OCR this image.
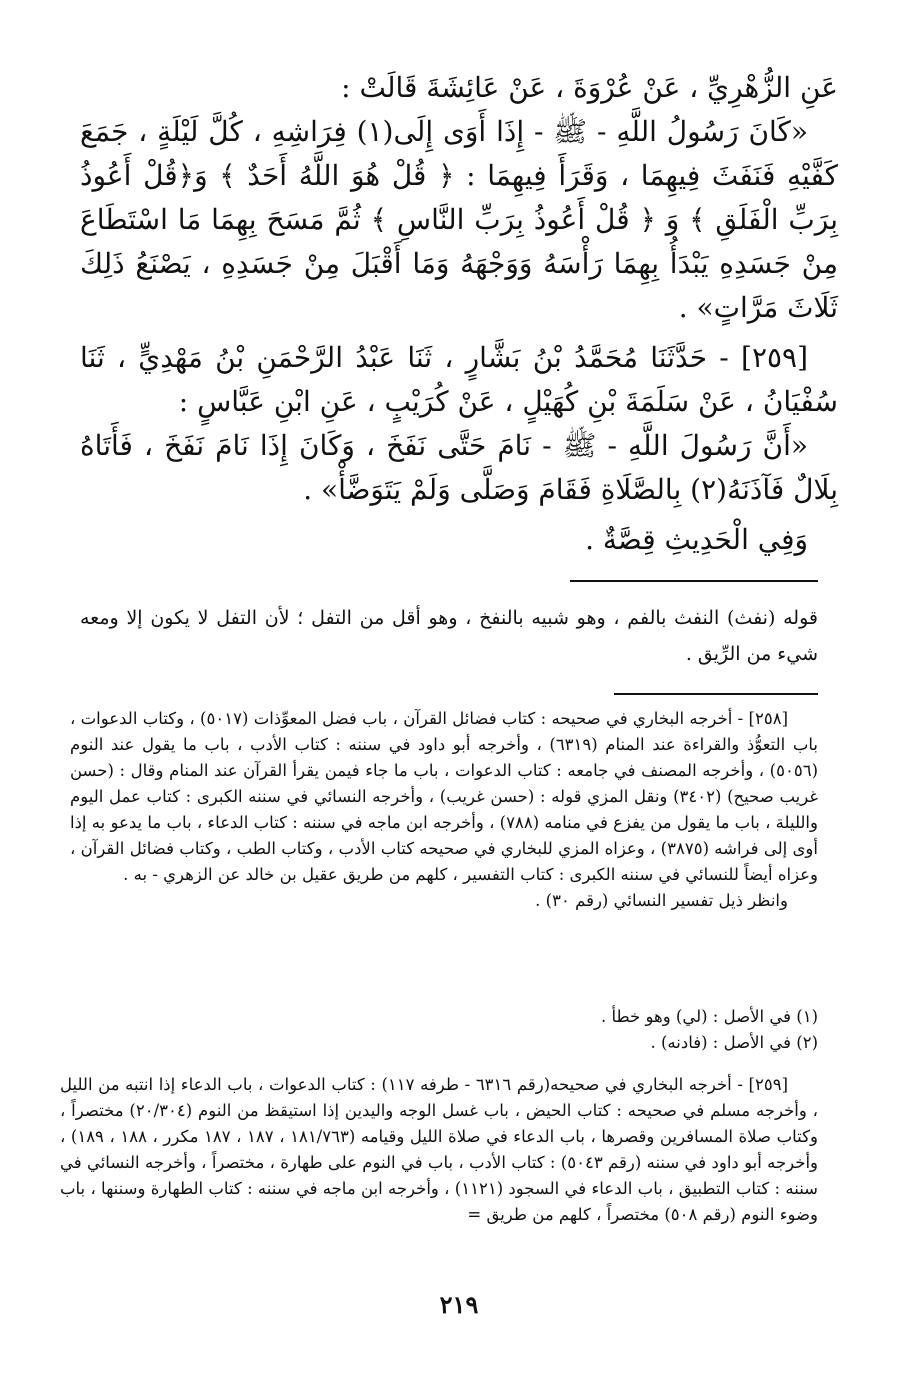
عَنِ الزُّهْرِيِّ ، عَنْ عُرْوَةَ ، عَنْ عَائِشَةَ قَالَتْ :

«كَانَ رَسُولُ اللَّهِ - ﷺ - إِذَا أَوَى إِلَى(١) فِرَاشِهِ ، كُلَّ لَيْلَةٍ ، جَمَعَ كَفَّيْهِ فَنَفَثَ فِيهِمَا ، وَقَرَأَ فِيهِمَا : ﴿ قُلْ هُوَ اللَّهُ أَحَدٌ ﴾ وَ﴿قُلْ أَعُوذُ بِرَبِّ الْفَلَقِ ﴾ وَ ﴿ قُلْ أَعُوذُ بِرَبِّ النَّاسِ ﴾ ثُمَّ مَسَحَ بِهِمَا مَا اسْتَطَاعَ مِنْ جَسَدِهِ يَبْدَأُ بِهِمَا رَأْسَهُ وَوَجْهَهُ وَمَا أَقْبَلَ مِنْ جَسَدِهِ ، يَصْنَعُ ذَلِكَ ثَلَاثَ مَرَّاتٍ» .

[٢٥٩] - حَدَّثَنَا مُحَمَّدُ بْنُ بَشَّارٍ ، ثَنَا عَبْدُ الرَّحْمَنِ بْنُ مَهْدِيٍّ ، ثَنَا سُفْيَانُ ، عَنْ سَلَمَةَ بْنِ كُهَيْلٍ ، عَنْ كُرَيْبٍ ، عَنِ ابْنِ عَبَّاسٍ :

«أَنَّ رَسُولَ اللَّهِ - ﷺ - نَامَ حَتَّى نَفَخَ ، وَكَانَ إِذَا نَامَ نَفَخَ ، فَأَتَاهُ بِلَالٌ فَآذَنَهُ(٢) بِالصَّلَاةِ فَقَامَ وَصَلَّى وَلَمْ يَتَوَضَّأْ» .

وَفِي الْحَدِيثِ قِصَّةٌ .

قوله (نفث) النفث بالفم ، وهو شبيه بالنفخ ، وهو أقل من التفل ؛ لأن التفل لا يكون إلا ومعه شيء من الرِّيق .

[٢٥٨] - أخرجه البخاري في صحيحه : كتاب فضائل القرآن ، باب فضل المعوِّذات (٥٠١٧) ، وكتاب الدعوات ، باب التعوُّذ والقراءة عند المنام (٦٣١٩) ، وأخرجه أبو داود في سننه : كتاب الأدب ، باب ما يقول عند النوم (٥٠٥٦) ، وأخرجه المصنف في جامعه : كتاب الدعوات ، باب ما جاء فيمن يقرأ القرآن عند المنام وقال : (حسن غريب صحيح) (٣٤٠٢) ونقل المزي قوله : (حسن غريب) ، وأخرجه النسائي في سننه الكبرى : كتاب عمل اليوم والليلة ، باب ما يقول من يفزع في منامه (٧٨٨) ، وأخرجه ابن ماجه في سننه : كتاب الدعاء ، باب ما يدعو به إذا أوى إلى فراشه (٣٨٧٥) ، وعزاه المزي للبخاري في صحيحه كتاب الأدب ، وكتاب الطب ، وكتاب فضائل القرآن ، وعزاه أيضاً للنسائي في سننه الكبرى : كتاب التفسير ، كلهم من طريق عقيل بن خالد عن الزهري - به .

وانظر ذيل تفسير النسائي (رقم ٣٠) .

(١) في الأصل : (لي) وهو خطأ .

(٢) في الأصل : (فادنه) .

[٢٥٩] - أخرجه البخاري في صحيحه(رقم ٦٣١٦ - طرفه ١١٧) : كتاب الدعوات ، باب الدعاء إذا انتبه من الليل ، وأخرجه مسلم في صحيحه : كتاب الحيض ، باب غسل الوجه واليدين إذا استيقظ من النوم (٢٠/٣٠٤) مختصراً ، وكتاب صلاة المسافرين وقصرها ، باب الدعاء في صلاة الليل وقيامه (١٨١/٧٦٣ ، ١٨٧ ، ١٨٧ مكرر ، ١٨٨ ، ١٨٩) ، وأخرجه أبو داود في سننه (رقم ٥٠٤٣) : كتاب الأدب ، باب في النوم على طهارة ، مختصراً ، وأخرجه النسائي في سننه : كتاب التطبيق ، باب الدعاء في السجود (١١٢١) ، وأخرجه ابن ماجه في سننه : كتاب الطهارة وسننها ، باب وضوء النوم (رقم ٥٠٨) مختصراً ، كلهم من طريق =

٢١٩
